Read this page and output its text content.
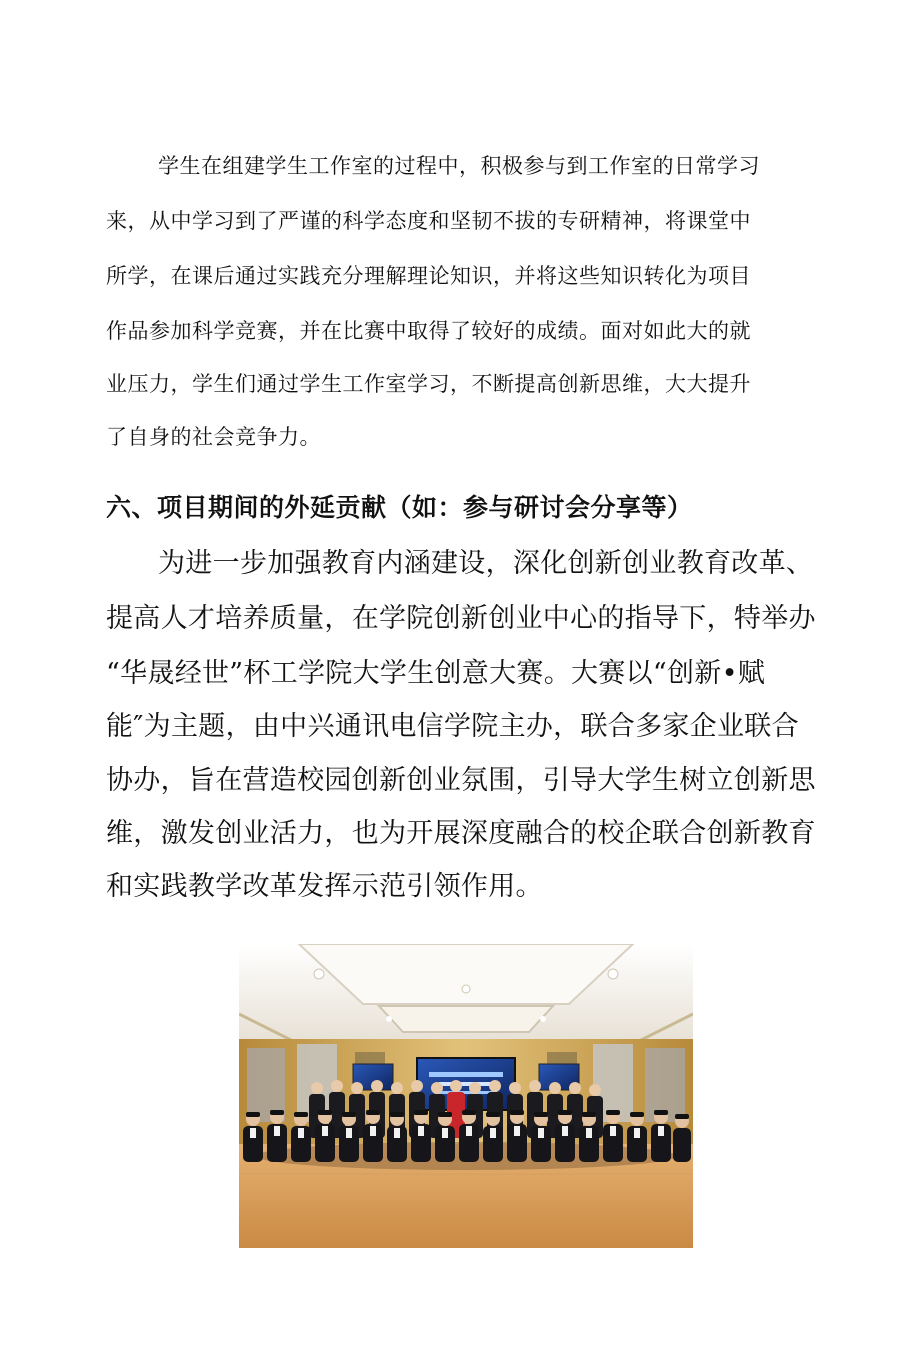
学生在组建学生工作室的过程中，积极参与到工作室的日常学习
来，从中学习到了严谨的科学态度和坚韧不拔的专研精神，将课堂中
所学，在课后通过实践充分理解理论知识，并将这些知识转化为项目
作品参加科学竞赛，并在比赛中取得了较好的成绩。面对如此大的就
业压力，学生们通过学生工作室学习，不断提高创新思维，大大提升
了自身的社会竞争力。
六、项目期间的外延贡献（如：参与研讨会分享等）
为进一步加强教育内涵建设，深化创新创业教育改革、
提高人才培养质量，在学院创新创业中心的指导下，特举办
“华晟经世”杯工学院大学生创意大赛。大赛以“创新•赋
能″为主题，由中兴通讯电信学院主办，联合多家企业联合
协办，旨在营造校园创新创业氛围，引导大学生树立创新思
维，激发创业活力，也为开展深度融合的校企联合创新教育
和实践教学改革发挥示范引领作用。
